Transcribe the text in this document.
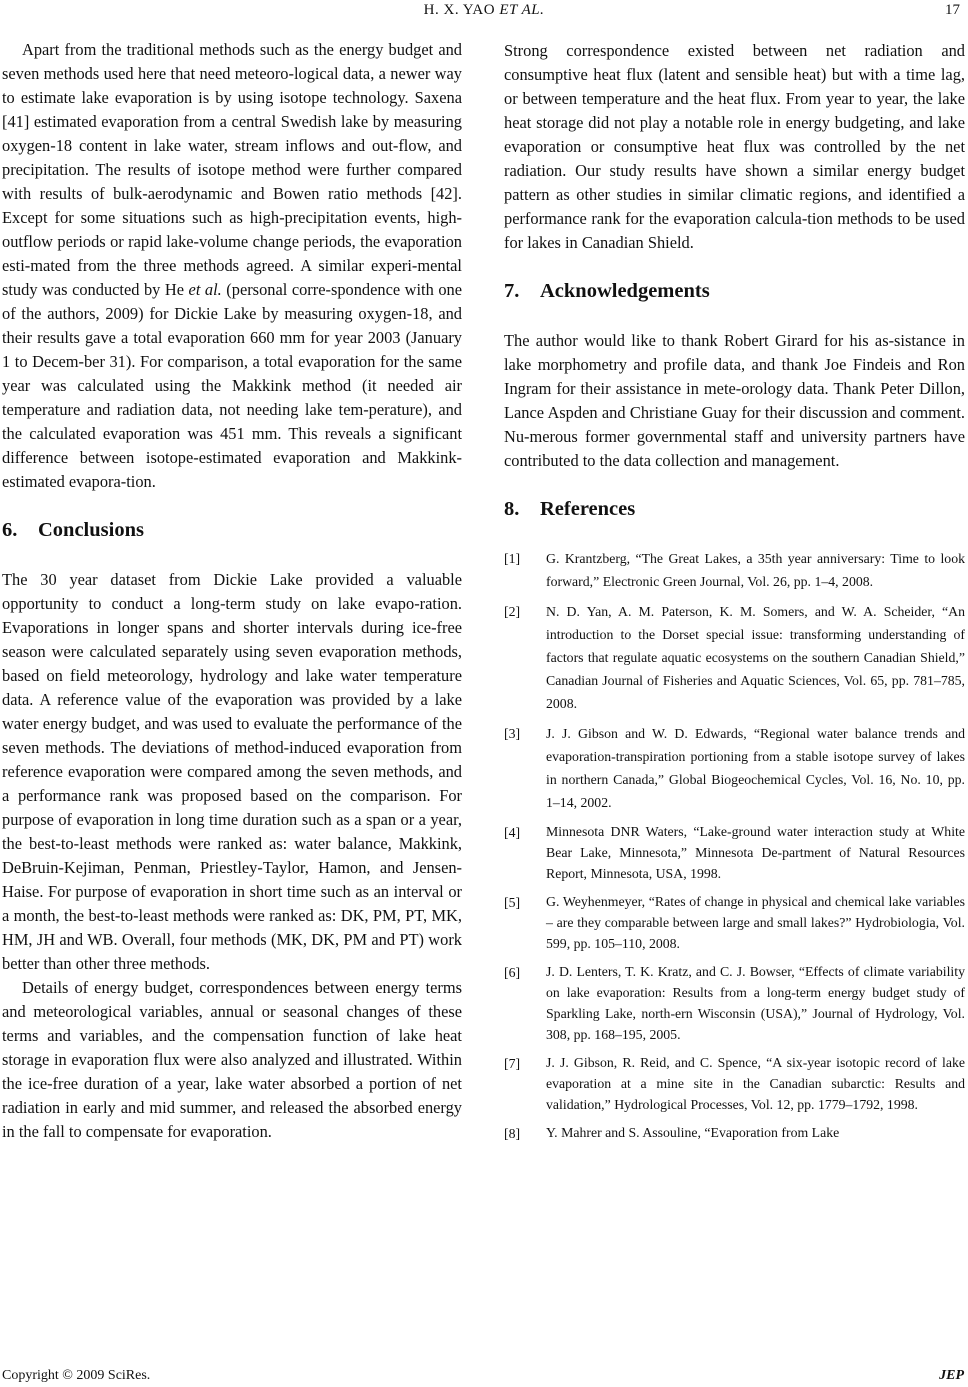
H. X. YAO ET AL.	17

Apart from the traditional methods such as the energy budget and seven methods used here that need meteoro-logical data, a newer way to estimate lake evaporation is by using isotope technology. Saxena [41] estimated evaporation from a central Swedish lake by measuring oxygen-18 content in lake water, stream inflows and out-flow, and precipitation. The results of isotope method were further compared with results of bulk-aerodynamic and Bowen ratio methods [42]. Except for some situations such as high-precipitation events, high-outflow periods or rapid lake-volume change periods, the evaporation esti-mated from the three methods agreed. A similar experi-mental study was conducted by He et al. (personal corre-spondence with one of the authors, 2009) for Dickie Lake by measuring oxygen-18, and their results gave a total evaporation 660 mm for year 2003 (January 1 to Decem-ber 31). For comparison, a total evaporation for the same year was calculated using the Makkink method (it needed air temperature and radiation data, not needing lake tem-perature), and the calculated evaporation was 451 mm. This reveals a significant difference between isotope-estimated evaporation and Makkink-estimated evapora-tion.

6. Conclusions

The 30 year dataset from Dickie Lake provided a valuable opportunity to conduct a long-term study on lake evapo-ration. Evaporations in longer spans and shorter intervals during ice-free season were calculated separately using seven evaporation methods, based on field meteorology, hydrology and lake water temperature data. A reference value of the evaporation was provided by a lake water energy budget, and was used to evaluate the performance of the seven methods. The deviations of method-induced evaporation from reference evaporation were compared among the seven methods, and a performance rank was proposed based on the comparison. For purpose of evaporation in long time duration such as a span or a year, the best-to-least methods were ranked as: water balance, Makkink, DeBruin-Kejiman, Penman, Priestley-Taylor, Hamon, and Jensen-Haise. For purpose of evaporation in short time such as an interval or a month, the best-to-least methods were ranked as: DK, PM, PT, MK, HM, JH and WB. Overall, four methods (MK, DK, PM and PT) work better than other three methods.

Details of energy budget, correspondences between energy terms and meteorological variables, annual or seasonal changes of these terms and variables, and the compensation function of lake heat storage in evaporation flux were also analyzed and illustrated. Within the ice-free duration of a year, lake water absorbed a portion of net radiation in early and mid summer, and released the absorbed energy in the fall to compensate for evaporation.

Strong correspondence existed between net radiation and consumptive heat flux (latent and sensible heat) but with a time lag, or between temperature and the heat flux. From year to year, the lake heat storage did not play a notable role in energy budgeting, and lake evaporation or consumptive heat flux was controlled by the net radiation. Our study results have shown a similar energy budget pattern as other studies in similar climatic regions, and identified a performance rank for the evaporation calcula-tion methods to be used for lakes in Canadian Shield.

7. Acknowledgements

The author would like to thank Robert Girard for his as-sistance in lake morphometry and profile data, and thank Joe Findeis and Ron Ingram for their assistance in mete-orology data. Thank Peter Dillon, Lance Aspden and Christiane Guay for their discussion and comment. Nu-merous former governmental staff and university partners have contributed to the data collection and management.

8. References
[1]	G. Krantzberg, “The Great Lakes, a 35th year anniversary: Time to look forward,” Electronic Green Journal, Vol. 26, pp. 1–4, 2008.
[2]	N. D. Yan, A. M. Paterson, K. M. Somers, and W. A. Scheider, “An introduction to the Dorset special issue: transforming understanding of factors that regulate aquatic ecosystems on the southern Canadian Shield,” Canadian Journal of Fisheries and Aquatic Sciences, Vol. 65, pp. 781–785, 2008.
[3]	J. J. Gibson and W. D. Edwards, “Regional water balance trends and evaporation-transpiration portioning from a stable isotope survey of lakes in northern Canada,” Global Biogeochemical Cycles, Vol. 16, No. 10, pp. 1–14, 2002.
[4]	Minnesota DNR Waters, “Lake-ground water interaction study at White Bear Lake, Minnesota,” Minnesota De-partment of Natural Resources Report, Minnesota, USA, 1998.
[5]	G. Weyhenmeyer, “Rates of change in physical and chemical lake variables – are they comparable between large and small lakes?” Hydrobiologia, Vol. 599, pp. 105–110, 2008.
[6]	J. D. Lenters, T. K. Kratz, and C. J. Bowser, “Effects of climate variability on lake evaporation: Results from a long-term energy budget study of Sparkling Lake, north-ern Wisconsin (USA),” Journal of Hydrology, Vol. 308, pp. 168–195, 2005.
[7]	J. J. Gibson, R. Reid, and C. Spence, “A six-year isotopic record of lake evaporation at a mine site in the Canadian subarctic: Results and validation,” Hydrological Processes, Vol. 12, pp. 1779–1792, 1998.
[8]	Y. Mahrer and S. Assouline, “Evaporation from Lake
Copyright © 2009 SciRes.	JEP
